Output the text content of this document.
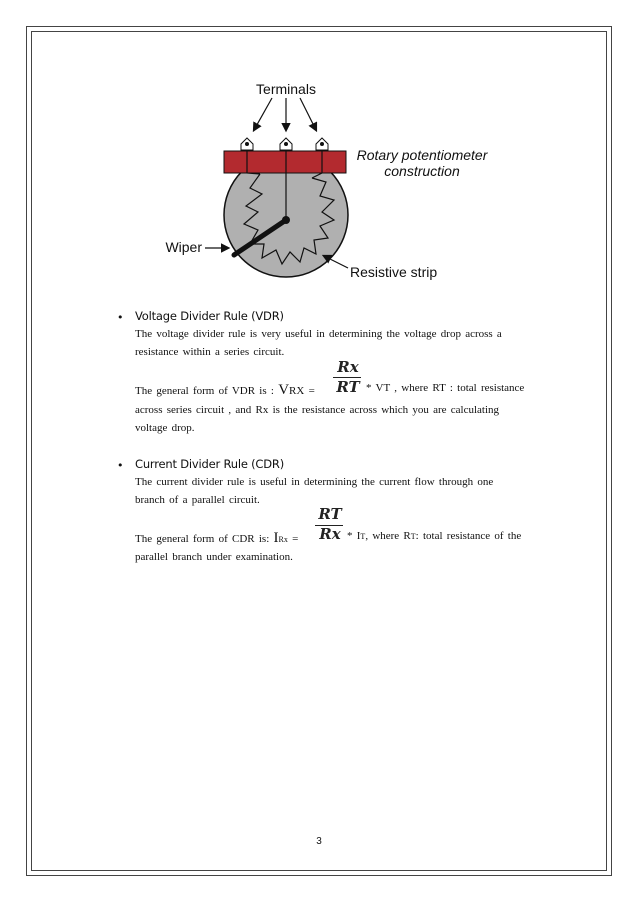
Terminals
Rotary potentiometer
construction
Wiper
Resistive strip
• Voltage Divider Rule (VDR)
The voltage divider rule is very useful in determining the voltage drop across a
resistance within a series circuit.
Rx
RT
The general form of VDR is : VRX =	* VT , where RT : total resistance
across series circuit , and Rx is the resistance across which you are calculating
voltage drop.
• Current Divider Rule (CDR)
The current divider rule is useful in determining the current flow through one
branch of a parallel circuit.
RT
Rx
The general form of CDR is: IRx =	* IT, where RT: total resistance of the
parallel branch under examination.
3
